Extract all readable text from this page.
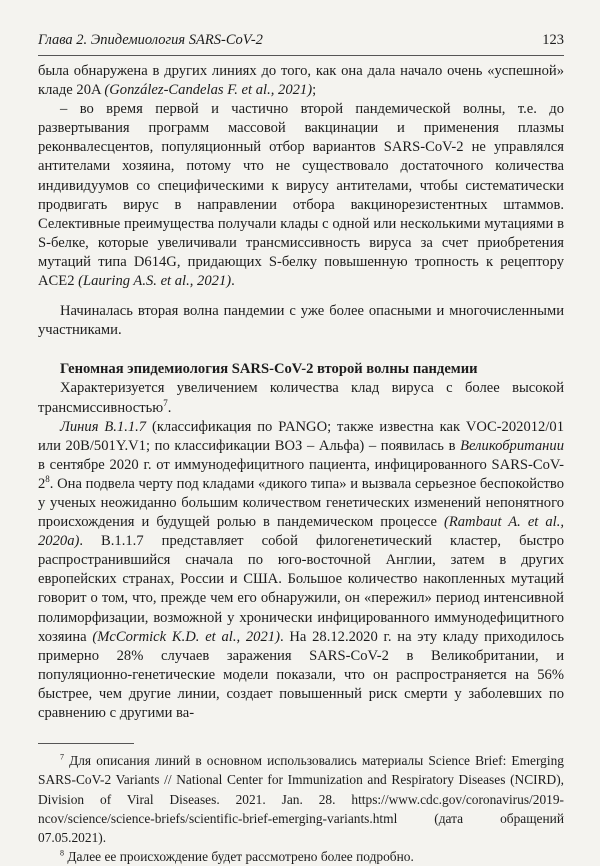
Глава 2. Эпидемиология SARS-CoV-2	123

была обнаружена в других линиях до того, как она дала начало очень «успешной» кладе 20A (González-Candelas F. et al., 2021);

– во время первой и частично второй пандемической волны, т.е. до развертывания программ массовой вакцинации и применения плазмы реконвалесцентов, популяционный отбор вариантов SARS-CoV-2 не управлялся антителами хозяина, потому что не существовало достаточного количества индивидуумов со специфическими к вирусу антителами, чтобы систематически продвигать вирус в направлении отбора вакцинорезистентных штаммов. Селективные преимущества получали клады с одной или несколькими мутациями в S-белке, которые увеличивали трансмиссивность вируса за счет приобретения мутаций типа D614G, придающих S-белку повышенную тропность к рецептору ACE2 (Lauring A.S. et al., 2021).

Начиналась вторая волна пандемии с уже более опасными и многочисленными участниками.

Геномная эпидемиология SARS-CoV-2 второй волны пандемии

Характеризуется увеличением количества клад вируса с более высокой трансмиссивностью$^7$.

Линия B.1.1.7 (классификация по PANGO; также известна как VOC-202012/01 или 20B/501Y.V1; по классификации ВОЗ – Альфа) – появилась в Великобритании в сентябре 2020 г. от иммунодефицитного пациента, инфицированного SARS-$CoV-2^8$. Она подвела черту под кладами «дикого типа» и вызвала серьезное беспокойство у ученых неожиданно большим количеством генетических изменений непонятного происхождения и будущей ролью в пандемическом процессе (Rambaut A. et al., 2020a). B.1.1.7 представляет собой филогенетический кластер, быстро распространившийся сначала по юго-восточной Англии, затем в других европейских странах, России и США. Большое количество накопленных мутаций говорит о том, что, прежде чем его обнаружили, он «пережил» период интенсивной полиморфизации, возможной у хронически инфицированного иммунодефицитного хозяина (McCormick K.D. et al., 2021). На 28.12.2020 г. на эту кладу приходилось примерно 28% случаев заражения SARS-CoV-2 в Великобритании, и популяционно-генетические модели показали, что он распространяется на 56% быстрее, чем другие линии, создает повышенный риск смерти у заболевших по сравнению с другими ва-

$^7$ Для описания линий в основном использовались материалы Science Brief: Emerging SARS-CoV-2 Variants // National Center for Immunization and Respiratory Diseases (NCIRD), Division of Viral Diseases. 2021. Jan. 28. https://www.cdc.gov/coronavirus/2019-ncov/science/science-briefs/scientific-brief-emerging-variants.html (дата обращений 07.05.2021).

$^8$ Далее ее происхождение будет рассмотрено более подробно.
